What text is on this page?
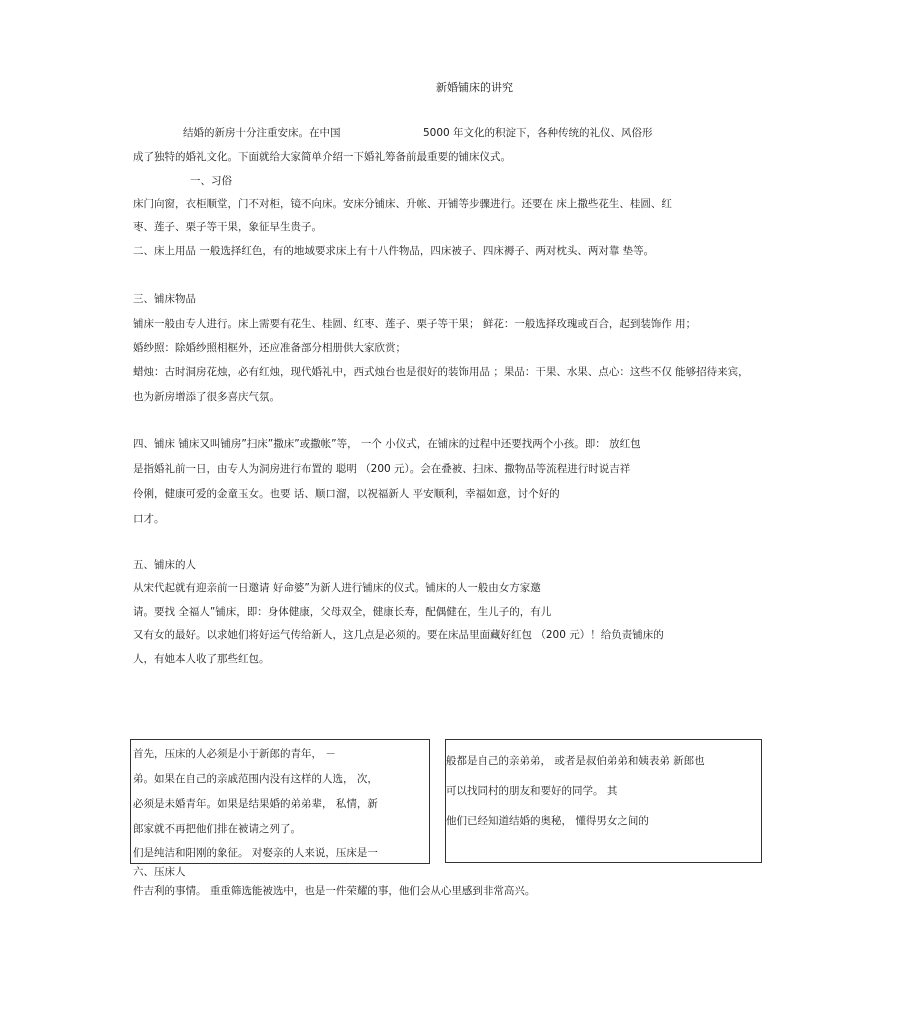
新婚铺床的讲究
结婚的新房十分注重安床。在中国	5000 年文化的积淀下，各种传统的礼仪、风俗形
成了独特的婚礼文化。下面就给大家简单介绍一下婚礼筹备前最重要的铺床仪式。
一、习俗
床门向窗，衣柜顺堂，门不对柜，镜不向床。安床分铺床、升帐、开铺等步骤进行。还要在 床上撒些花生、桂圆、红
枣、莲子、栗子等干果，象征早生贵子。
二、床上用品 一般选择红色，有的地域要求床上有十八件物品，四床被子、四床褥子、两对枕头、两对靠 垫等。
三、铺床物品
铺床一般由专人进行。床上需要有花生、桂圆、红枣、莲子、栗子等干果； 鲜花：一般选择玫瑰或百合，起到装饰作 用；
婚纱照：除婚纱照相框外，还应准备部分相册供大家欣赏；
蜡烛：古时洞房花烛，必有红烛，现代婚礼中，西式烛台也是很好的装饰用品 ；果品：干果、水果、点心：这些不仅 能够招待来宾，
也为新房增添了很多喜庆气氛。
四、铺床 铺床又叫铺房”扫床”撒床”或撒帐”等， 一个 小仪式，在铺床的过程中还要找两个小孩。即： 放红包
是指婚礼前一日，由专人为洞房进行布置的 聪明 （200 元）。会在叠被、扫床、撒物品等流程进行时说吉祥
伶俐，健康可爱的金童玉女。也要 话、顺口溜，以祝福新人 平安顺利，幸福如意，讨个好的
口才。
五、铺床的人
从宋代起就有迎亲前一日邀请 好命婆”为新人进行铺床的仪式。铺床的人一般由女方家邀
请。要找 全福人”铺床，即：身体健康，父母双全，健康长寿，配偶健在，生儿子的，有儿
又有女的最好。以求她们将好运气传给新人，这几点是必须的。要在床品里面藏好红包 （200 元）！给负责铺床的
人，有她本人收了那些红包。
首先，压床的人必须是小于新郎的青年， －
弟。如果在自己的亲戚范围内没有这样的人选， 次，
必须是未婚青年。如果是结果婚的弟弟辈， 私情，新
郎家就不再把他们排在被请之列了。
们是纯洁和阳刚的象征。 对娶亲的人来说，压床是一
般都是自己的亲弟弟， 或者是叔伯弟弟和姨表弟 新郎也
可以找同村的朋友和要好的同学。 其
他们已经知道结婚的奥秘， 懂得男女之间的
六、压床人
件吉利的事情。 重重筛选能被选中，也是一件荣耀的事，他们会从心里感到非常高兴。
